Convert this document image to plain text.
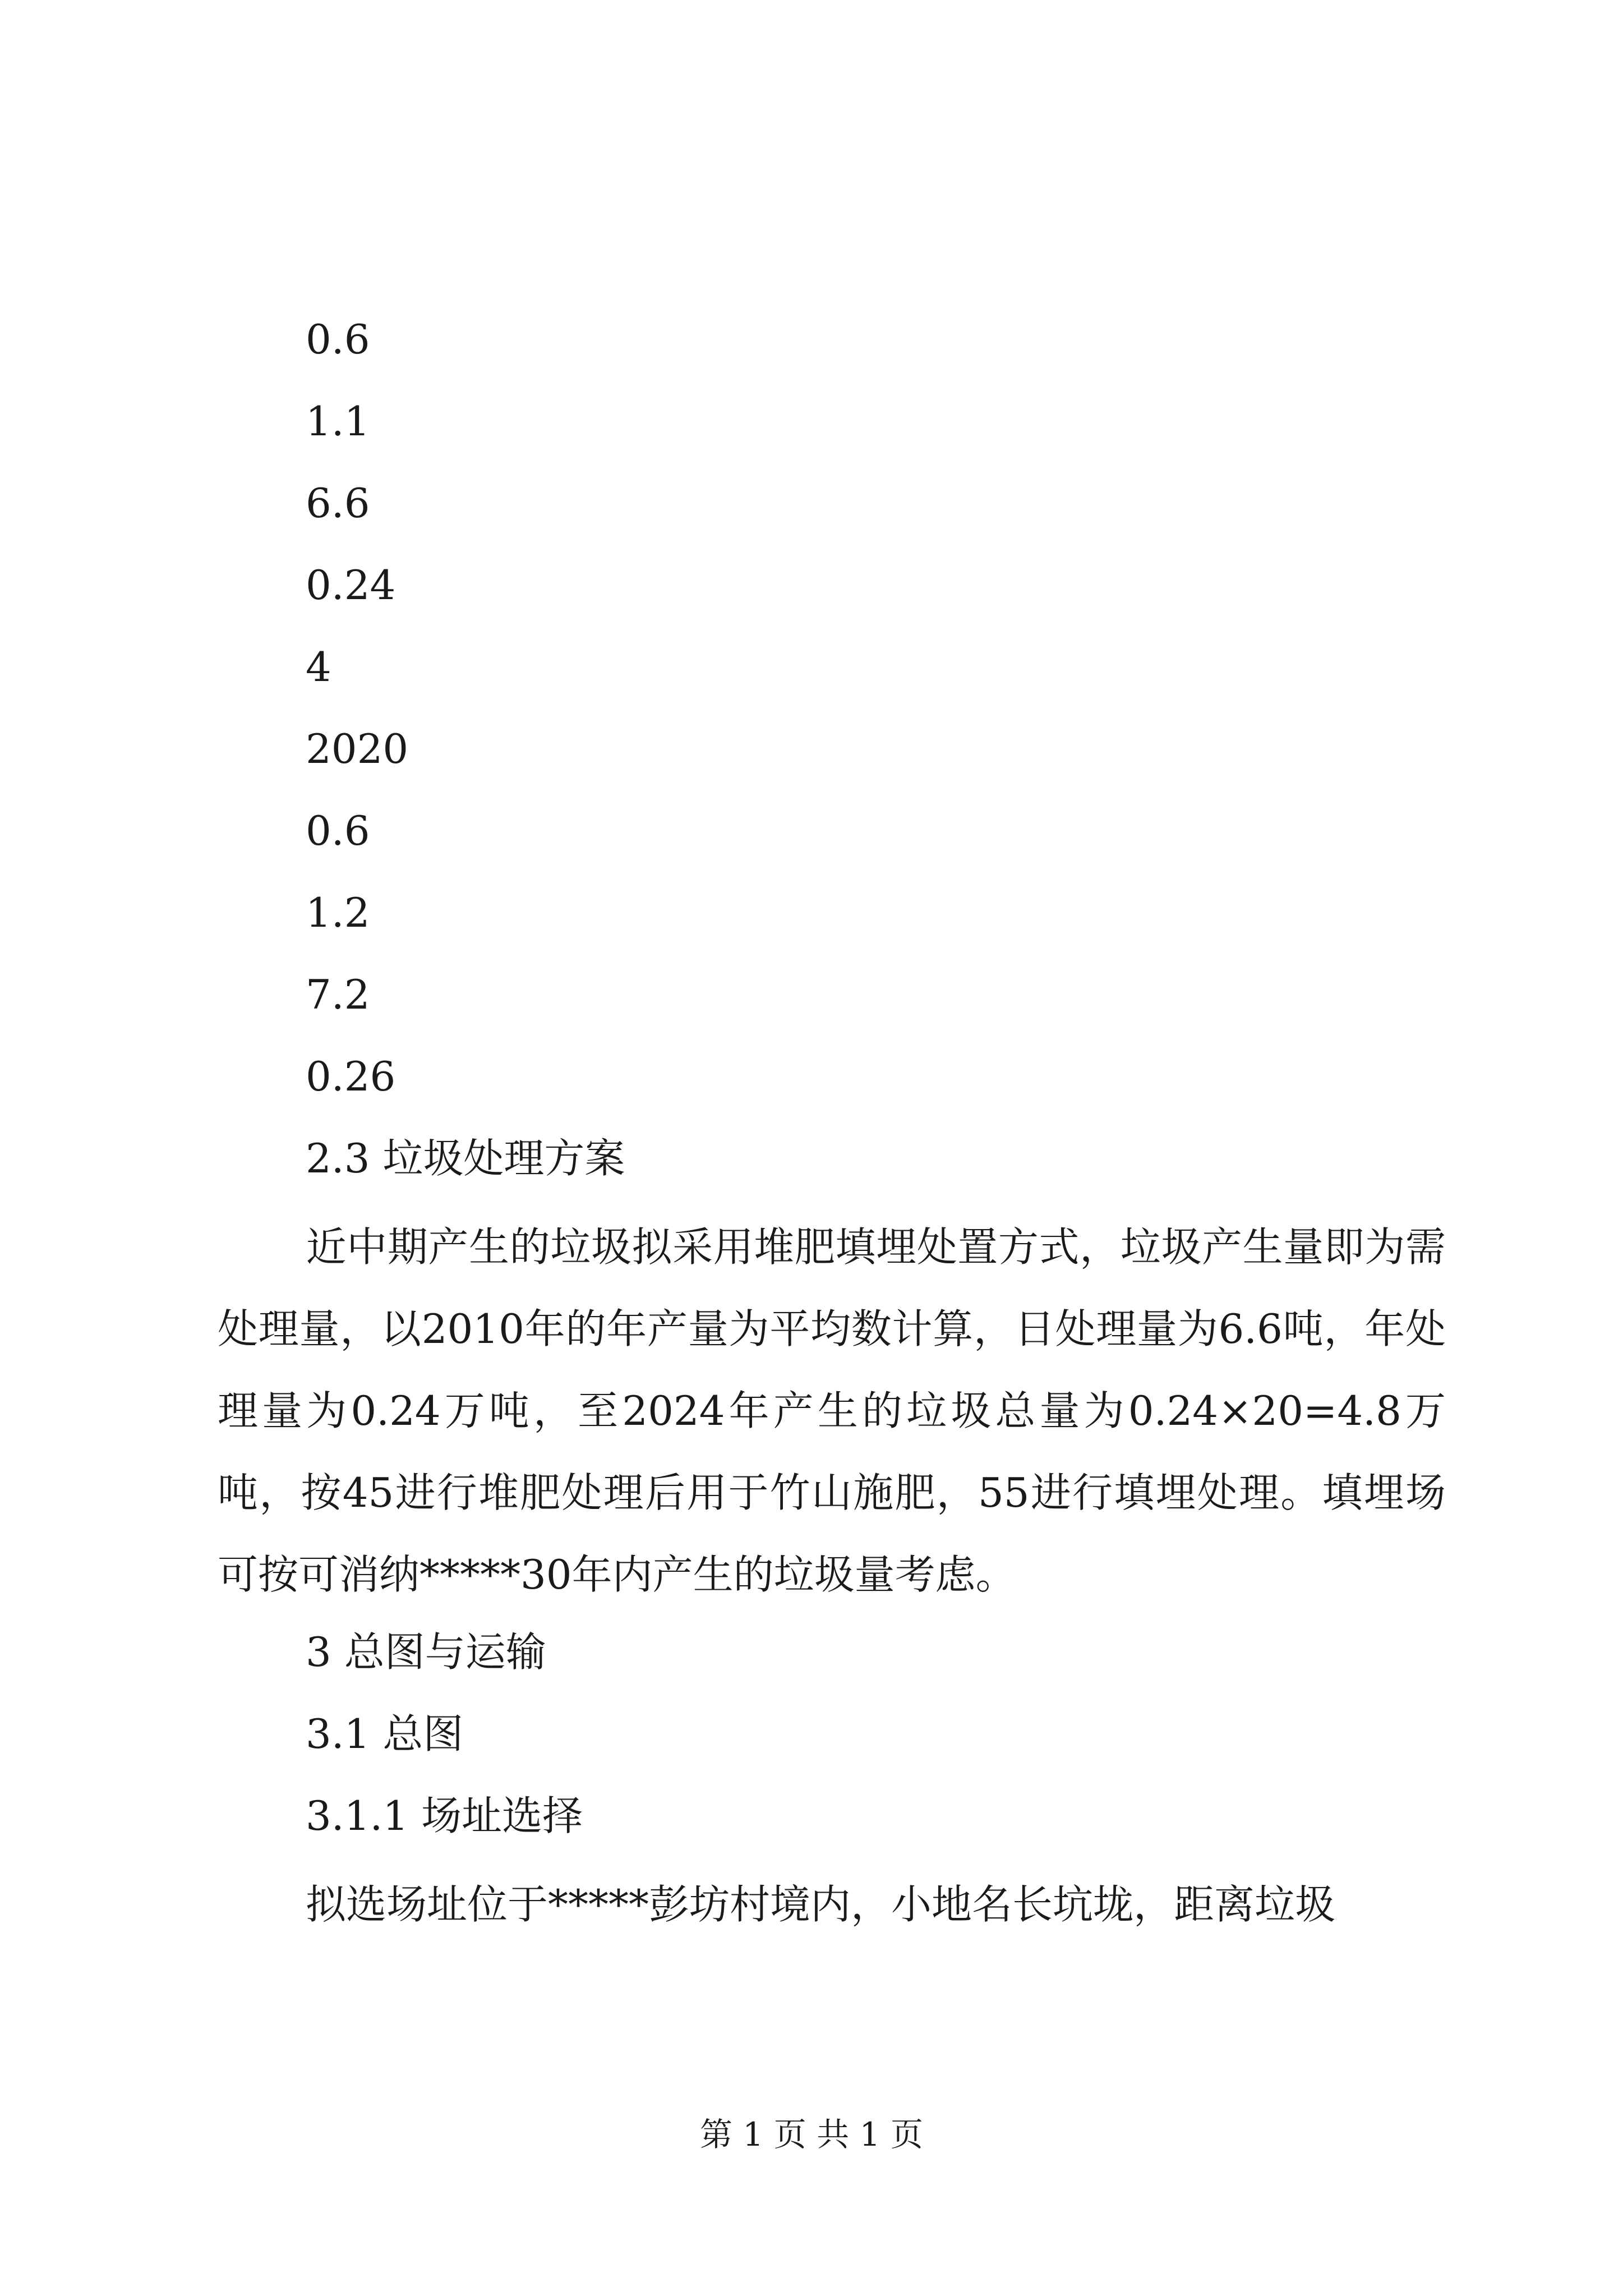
0.6
1.1
6.6
0.24
4
2020
0.6
1.2
7.2
0.26
2.3 垃圾处理方案
近中期产生的垃圾拟采用堆肥填埋处置方式，垃圾产生量即为需处理量，以2010年的年产量为平均数计算，日处理量为6.6吨，年处理量为0.24万吨，至2024年产生的垃圾总量为0.24×20=4.8万吨，按45进行堆肥处理后用于竹山施肥，55进行填埋处理。填埋场可按可消纳*****30年内产生的垃圾量考虑。
3 总图与运输
3.1 总图
3.1.1 场址选择
拟选场址位于*****彭坊村境内，小地名长坑垅，距离垃圾
第 1 页 共 1 页
